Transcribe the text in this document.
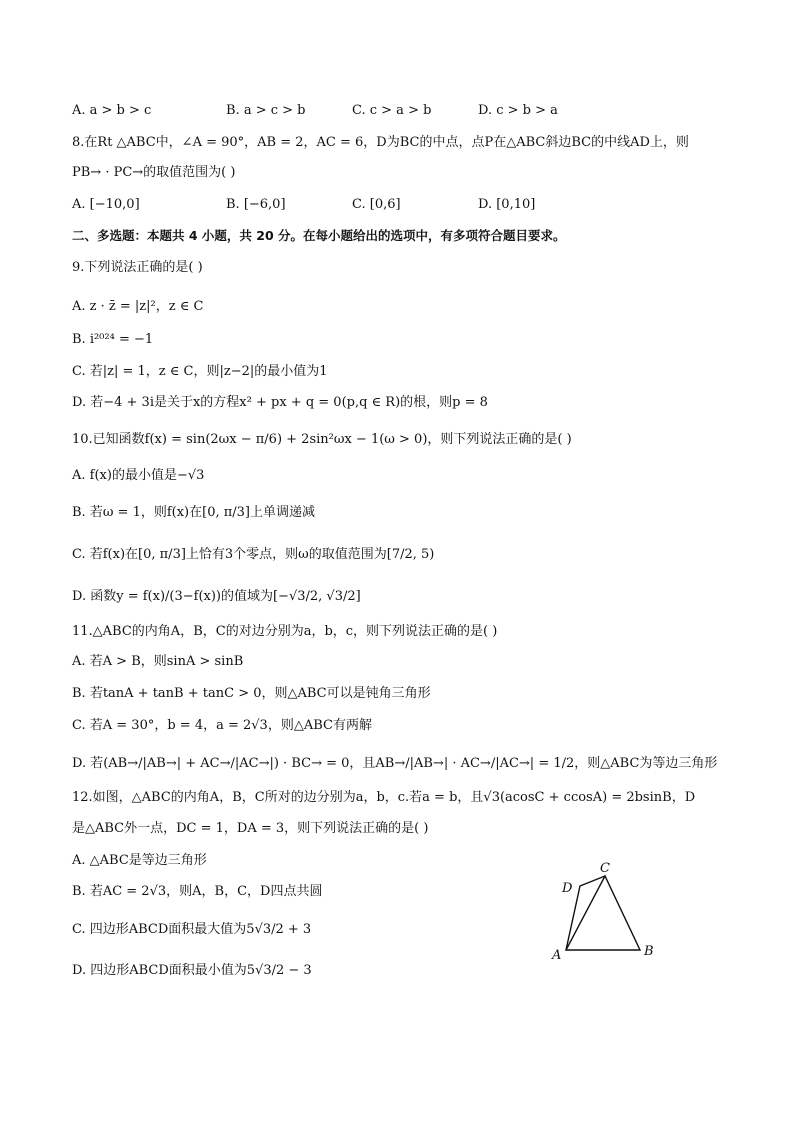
A. a > b > c	B. a > c > b	C. c > a > b	D. c > b > a
8.在Rt △ABC中，∠A = 90°，AB = 2，AC = 6，D为BC的中点，点P在△ABC斜边BC的中线AD上，则
PB→ · PC→的取值范围为( )
A. [−10,0]	B. [−6,0]	C. [0,6]	D. [0,10]
二、多选题：本题共 4 小题，共 20 分。在每小题给出的选项中，有多项符合题目要求。
9.下列说法正确的是( )
A. z · z̄ = |z|²，z ∈ C
B. i²⁰²⁴ = −1
C. 若|z| = 1，z ∈ C，则|z−2|的最小值为1
D. 若−4 + 3i是关于x的方程x² + px + q = 0(p,q ∈ R)的根，则p = 8
10.已知函数f(x) = sin(2ωx − π/6) + 2sin²ωx − 1(ω > 0)，则下列说法正确的是( )
A. f(x)的最小值是−√3
B. 若ω = 1，则f(x)在[0, π/3]上单调递减
C. 若f(x)在[0, π/3]上恰有3个零点，则ω的取值范围为[7/2, 5)
D. 函数y = f(x)/(3−f(x))的值域为[−√3/2, √3/2]
11.△ABC的内角A，B，C的对边分别为a，b，c，则下列说法正确的是( )
A. 若A > B，则sinA > sinB
B. 若tanA + tanB + tanC > 0，则△ABC可以是钝角三角形
C. 若A = 30°，b = 4，a = 2√3，则△ABC有两解
D. 若(AB→/|AB→| + AC→/|AC→|) · BC→ = 0，且AB→/|AB→| · AC→/|AC→| = 1/2，则△ABC为等边三角形
12.如图，△ABC的内角A，B，C所对的边分别为a，b，c.若a = b，且√3(acosC + ccosA) = 2bsinB，D
是△ABC外一点，DC = 1，DA = 3，则下列说法正确的是( )
A. △ABC是等边三角形
B. 若AC = 2√3，则A，B，C，D四点共圆
C. 四边形ABCD面积最大值为5√3/2 + 3
D. 四边形ABCD面积最小值为5√3/2 − 3
A	B
C
D
